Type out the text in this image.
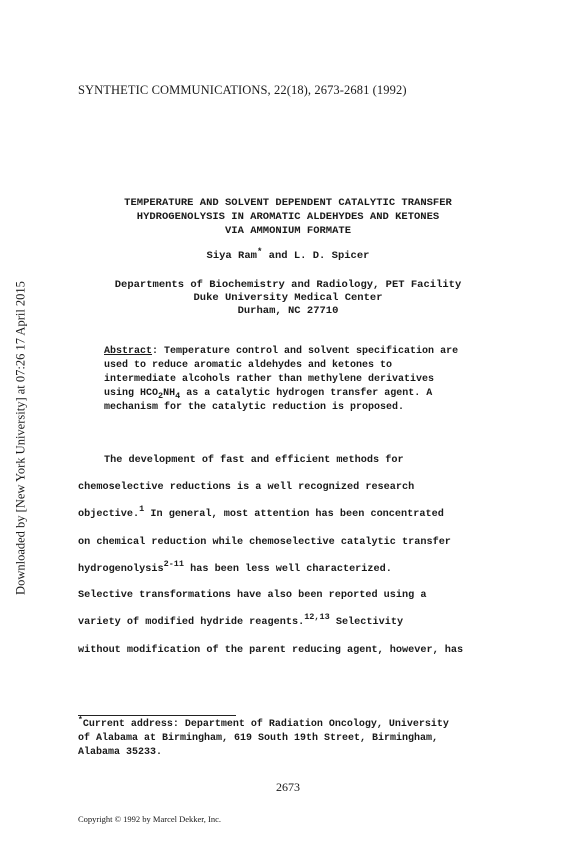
Downloaded by [New York University] at 07:26 17 April 2015
SYNTHETIC COMMUNICATIONS, 22(18), 2673-2681 (1992)
TEMPERATURE AND SOLVENT DEPENDENT CATALYTIC TRANSFER
HYDROGENOLYSIS IN AROMATIC ALDEHYDES AND KETONES
VIA AMMONIUM FORMATE
Siya Ram* and L. D. Spicer
Departments of Biochemistry and Radiology, PET Facility
Duke University Medical Center
Durham, NC 27710
Abstract: Temperature control and solvent specification are
used to reduce aromatic aldehydes and ketones to
intermediate alcohols rather than methylene derivatives
using $HCO_2NH_4$ as a catalytic hydrogen transfer agent. A
mechanism for the catalytic reduction is proposed.
The development of fast and efficient methods for
chemoselective reductions is a well recognized research
objective.$^1$ In general, most attention has been concentrated
on chemical reduction while chemoselective catalytic transfer
hydrogenolysis$^{2-11}$ has been less well characterized.
Selective transformations have also been reported using a
variety of modified hydride reagents.$^{12,13}$ Selectivity
without modification of the parent reducing agent, however, has
*Current address: Department of Radiation Oncology, University
of Alabama at Birmingham, 619 South 19th Street, Birmingham,
Alabama 35233.
2673
Copyright © 1992 by Marcel Dekker, Inc.
